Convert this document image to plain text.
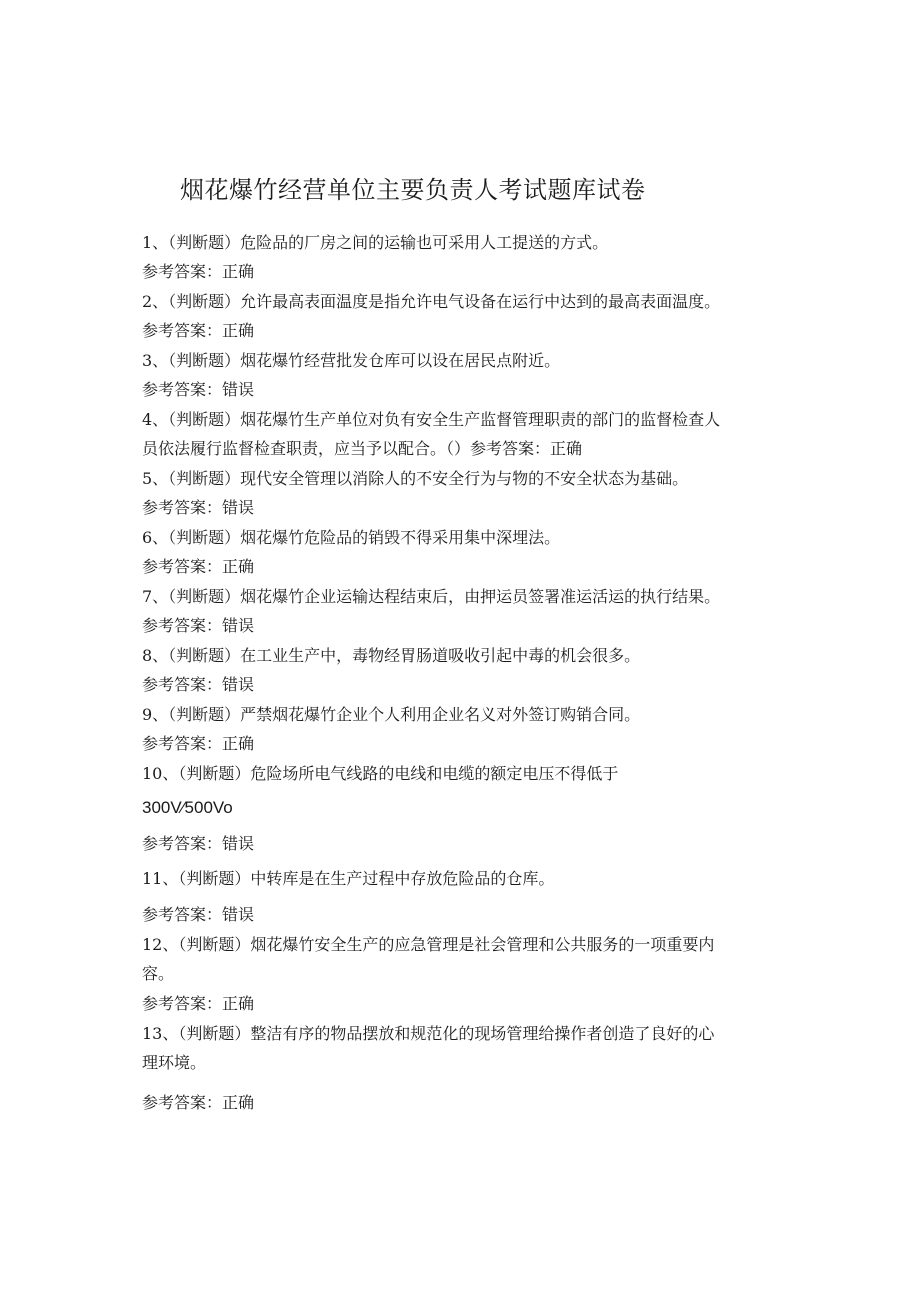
烟花爆竹经营单位主要负责人考试题库试卷
1、（判断题）危险品的厂房之间的运输也可采用人工提送的方式。
参考答案：正确
2、（判断题）允许最高表面温度是指允许电气设备在运行中达到的最高表面温度。
参考答案：正确
3、（判断题）烟花爆竹经营批发仓库可以设在居民点附近。
参考答案：错误
4、（判断题）烟花爆竹生产单位对负有安全生产监督管理职责的部门的监督检查人
员依法履行监督检查职责，应当予以配合。（）参考答案：正确
5、（判断题）现代安全管理以消除人的不安全行为与物的不安全状态为基础。
参考答案：错误
6、（判断题）烟花爆竹危险品的销毁不得采用集中深埋法。
参考答案：正确
7、（判断题）烟花爆竹企业运输达程结束后，由押运员签署准运活运的执行结果。
参考答案：错误
8、（判断题）在工业生产中，毒物经胃肠道吸收引起中毒的机会很多。
参考答案：错误
9、（判断题）严禁烟花爆竹企业个人利用企业名义对外签订购销合同。
参考答案：正确
10、（判断题）危险场所电气线路的电线和电缆的额定电压不得低于
300V⁄500Vo
参考答案：错误
11、（判断题）中转库是在生产过程中存放危险品的仓库。
参考答案：错误
12、（判断题）烟花爆竹安全生产的应急管理是社会管理和公共服务的一项重要内
容。
参考答案：正确
13、（判断题）整洁有序的物品摆放和规范化的现场管理给操作者创造了良好的心
理环境。
参考答案：正确
